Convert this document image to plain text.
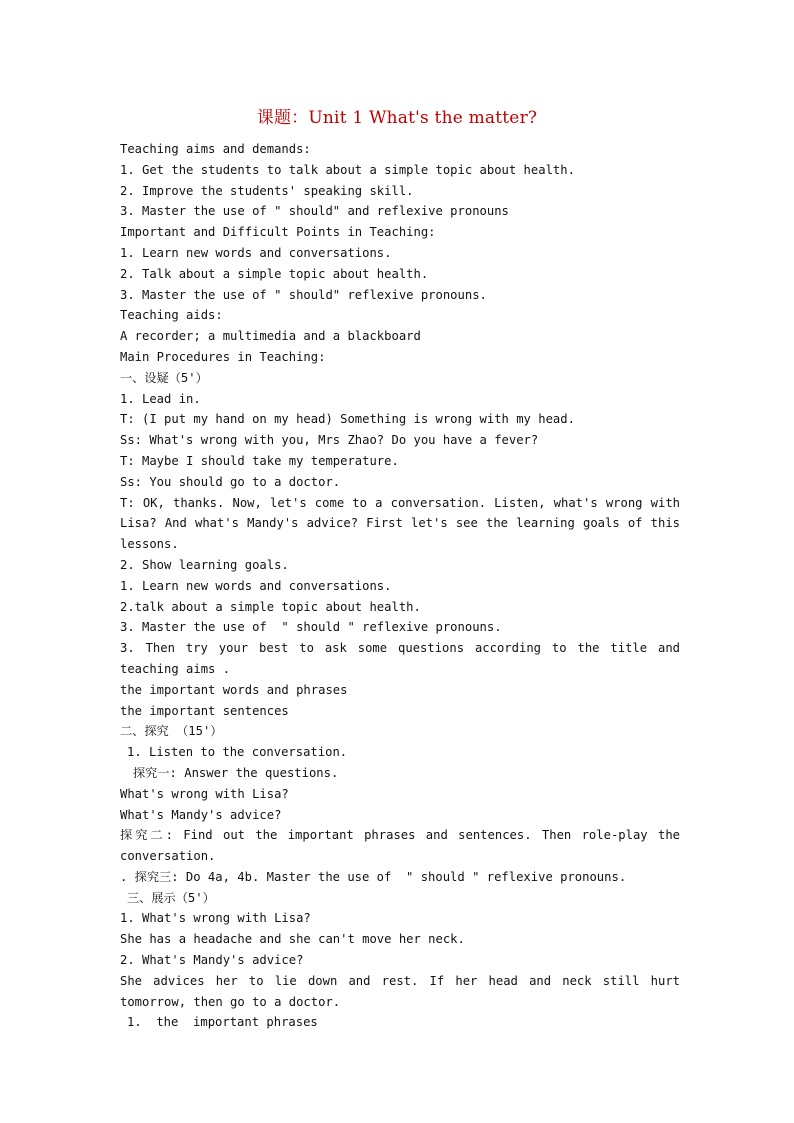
课题：Unit 1 What's the matter?
Teaching aims and demands:
1. Get the students to talk about a simple topic about health.
2. Improve the students' speaking skill.
3. Master the use of " should" and reflexive pronouns
Important and Difficult Points in Teaching:
1. Learn new words and conversations.
2. Talk about a simple topic about health.
3. Master the use of " should" reflexive pronouns.
Teaching aids:
A recorder; a multimedia and a blackboard
Main Procedures in Teaching:
一、设疑（5'）
1. Lead in.
T: (I put my hand on my head) Something is wrong with my head.
Ss: What's wrong with you, Mrs Zhao? Do you have a fever?
T: Maybe I should take my temperature.
Ss: You should go to a doctor.
T: OK, thanks. Now, let's come to a conversation. Listen, what's wrong with Lisa? And what's Mandy's advice? First let's see the learning goals of this lessons.
2. Show learning goals.
1. Learn new words and conversations.
2.talk about a simple topic about health.
3. Master the use of  " should " reflexive pronouns.
3. Then try your best to ask some questions according to the title and teaching aims .
the important words and phrases
the important sentences
二、探究 （15'）
1. Listen to the conversation.
探究一: Answer the questions.
What's wrong with Lisa?
What's Mandy's advice?
探究二: Find out the important phrases and sentences. Then role-play the conversation.
. 探究三: Do 4a, 4b. Master the use of  " should " reflexive pronouns.
三、展示（5'）
1. What's wrong with Lisa?
She has a headache and she can't move her neck.
2. What's Mandy's advice?
She advices her to lie down and rest. If her head and neck still hurt tomorrow, then go to a doctor.
1.  the  important phrases
